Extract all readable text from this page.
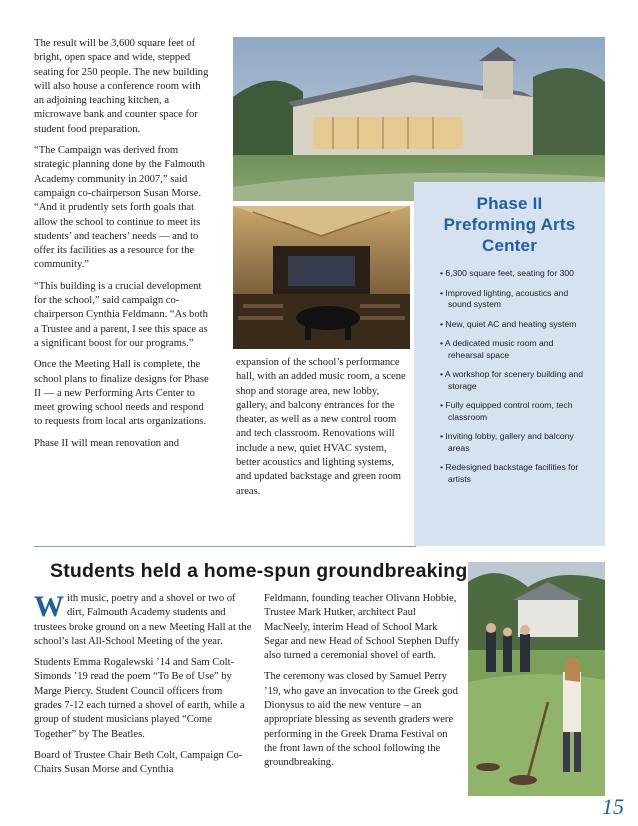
The result will be 3,600 square feet of bright, open space and wide, stepped seating for 250 people. The new building will also house a conference room with an adjoining teaching kitchen, a microwave bank and counter space for student food preparation.

“The Campaign was derived from strategic planning done by the Falmouth Academy community in 2007,” said campaign co-chairperson Susan Morse. “And it prudently sets forth goals that allow the school to continue to meet its students’ and teachers’ needs — and to offer its facilities as a resource for the community.”

“This building is a crucial development for the school,” said campaign co-chairperson Cynthia Feldmann. “As both a Trustee and a parent, I see this space as a significant boost for our programs.”

Once the Meeting Hall is complete, the school plans to finalize designs for Phase II — a new Performing Arts Center to meet growing school needs and respond to requests from local arts organizations.

Phase II will mean renovation and

expansion of the school’s performance hall, with an added music room, a scene shop and storage area, new lobby, gallery, and balcony entrances for the theater, as well as a new control room and tech classroom. Renovations will include a new, quiet HVAC system, better acoustics and lighting systems, and updated backstage and green room areas.

Phase II
Preforming Arts
Center
• 6,300 square feet, seating for 300
• Improved lighting, acoustics and sound system
• New, quiet AC and heating system
• A dedicated music room and rehearsal space
• A workshop for scenery building and storage
• Fully equipped control room, tech classroom
• Inviting lobby, gallery and balcony areas
• Redesigned backstage facilities for artists
Students held a home-spun groundbreaking

With music, poetry and a shovel or two of dirt, Falmouth Academy students and trustees broke ground on a new Meeting Hall at the school’s last All-School Meeting of the year.

Students Emma Rogalewski ’14 and Sam Colt-Simonds ’19 read the poem “To Be of Use” by Marge Piercy. Student Council officers from grades 7-12 each turned a shovel of earth, while a group of student musicians played “Come Together” by The Beatles.

Board of Trustee Chair Beth Colt, Campaign Co-Chairs Susan Morse and Cynthia

Feldmann, founding teacher Olivann Hobbie, Trustee Mark Hutker, architect Paul MacNeely, interim Head of School Mark Segar and new Head of School Stephen Duffy also turned a ceremonial shovel of earth.

The ceremony was closed by Samuel Perry ’19, who gave an invocation to the Greek god Dionysus to aid the new venture – an appropriate blessing as seventh graders were performing in the Greek Drama Festival on the front lawn of the school following the groundbreaking.

15
